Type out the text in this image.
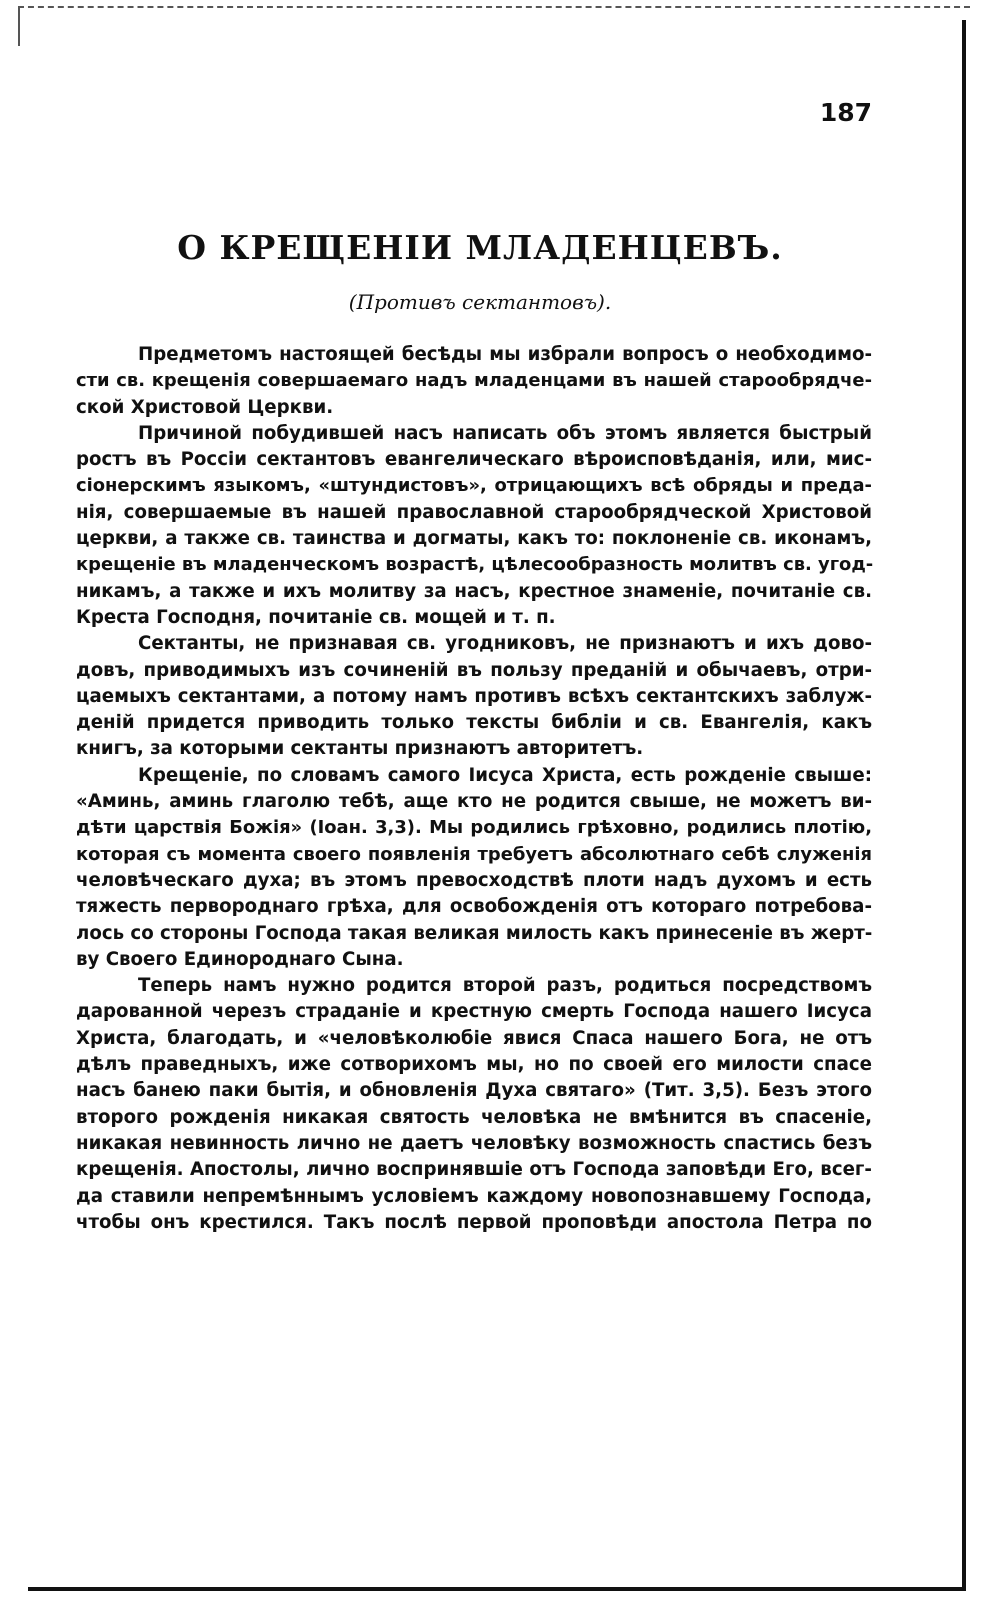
187
О КРЕЩЕНІИ МЛАДЕНЦЕВЪ.
(Противъ сектантовъ).
Предметомъ настоящей бесѣды мы избрали вопросъ о необходимо-
сти св. крещенія совершаемаго надъ младенцами въ нашей старообрядче-
ской Христовой Церкви.
Причиной побудившей насъ написать объ этомъ является быстрый
ростъ въ Россіи сектантовъ евангелическаго вѣроисповѣданія, или, мис-
сіонерскимъ языкомъ, «штундистовъ», отрицающихъ всѣ обряды и преда-
нія, совершаемые въ нашей православной старообрядческой Христовой
церкви, а также св. таинства и догматы, какъ то: поклоненіе св. иконамъ,
крещеніе въ младенческомъ возрастѣ, цѣлесообразность молитвъ св. угод-
никамъ, а также и ихъ молитву за насъ, крестное знаменіе, почитаніе св.
Креста Господня, почитаніе св. мощей и т. п.
Сектанты, не признавая св. угодниковъ, не признаютъ и ихъ дово-
довъ, приводимыхъ изъ сочиненій въ пользу преданій и обычаевъ, отри-
цаемыхъ сектантами, а потому намъ противъ всѣхъ сектантскихъ заблуж-
деній придется приводить только тексты библіи и св. Евангелія, какъ
книгъ, за которыми сектанты признаютъ авторитетъ.
Крещеніе, по словамъ самого Іисуса Христа, есть рожденіе свыше:
«Аминь, аминь глаголю тебѣ, аще кто не родится свыше, не можетъ ви-
дѣти царствія Божія» (Іоан. 3,3). Мы родились грѣховно, родились плотію,
которая съ момента своего появленія требуетъ абсолютнаго себѣ служенія
человѣческаго духа; въ этомъ превосходствѣ плоти надъ духомъ и есть
тяжесть первороднаго грѣха, для освобожденія отъ котораго потребова-
лось со стороны Господа такая великая милость какъ принесеніе въ жерт-
ву Своего Единороднаго Сына.
Теперь намъ нужно родится второй разъ, родиться посредствомъ
дарованной черезъ страданіе и крестную смерть Господа нашего Іисуса
Христа, благодать, и «человѣколюбіе явися Спаса нашего Бога, не отъ
дѣлъ праведныхъ, иже сотворихомъ мы, но по своей его милости спасе
насъ банею паки бытія, и обновленія Духа святаго» (Тит. 3,5). Безъ этого
второго рожденія никакая святость человѣка не вмѣнится въ спасеніе,
никакая невинность лично не даетъ человѣку возможность спастись безъ
крещенія. Апостолы, лично воспринявшіе отъ Господа заповѣди Его, всег-
да ставили непремѣннымъ условіемъ каждому новопознавшему Господа,
чтобы онъ крестился. Такъ послѣ первой проповѣди апостола Петра по
